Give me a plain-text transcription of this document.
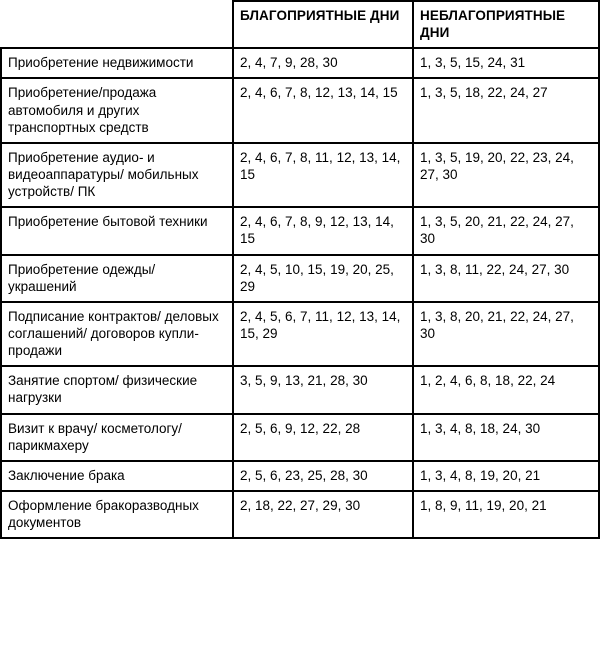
	БЛАГОПРИЯТНЫЕ ДНИ	НЕБЛАГОПРИЯТНЫЕ ДНИ
Приобретение недвижимости	2, 4, 7, 9, 28, 30	1, 3, 5, 15, 24, 31
Приобретение/продажа автомобиля и других транспортных средств	2, 4, 6, 7, 8, 12, 13, 14, 15	1, 3, 5, 18, 22, 24, 27
Приобретение аудио- и видеоаппаратуры/ мобильных устройств/ ПК	2, 4, 6, 7, 8, 11, 12, 13, 14, 15	1, 3, 5, 19, 20, 22, 23, 24, 27, 30
Приобретение бытовой техники	2, 4, 6, 7, 8, 9, 12, 13, 14, 15	1, 3, 5, 20, 21, 22, 24, 27, 30
Приобретение одежды/ украшений	2, 4, 5, 10, 15, 19, 20, 25, 29	1, 3, 8, 11, 22, 24, 27, 30
Подписание контрактов/ деловых соглашений/ договоров купли-продажи	2, 4, 5, 6, 7, 11, 12, 13, 14, 15, 29	1, 3, 8, 20, 21, 22, 24, 27, 30
Занятие спортом/ физические нагрузки	3, 5, 9, 13, 21, 28, 30	1, 2, 4, 6, 8, 18, 22, 24
Визит к врачу/ косметологу/ парикмахеру	2, 5, 6, 9, 12, 22, 28	1, 3, 4, 8, 18, 24, 30
Заключение брака	2, 5, 6, 23, 25, 28, 30	1, 3, 4, 8, 19, 20, 21
Оформление бракоразводных документов	2, 18, 22, 27, 29, 30	1, 8, 9, 11, 19, 20, 21
